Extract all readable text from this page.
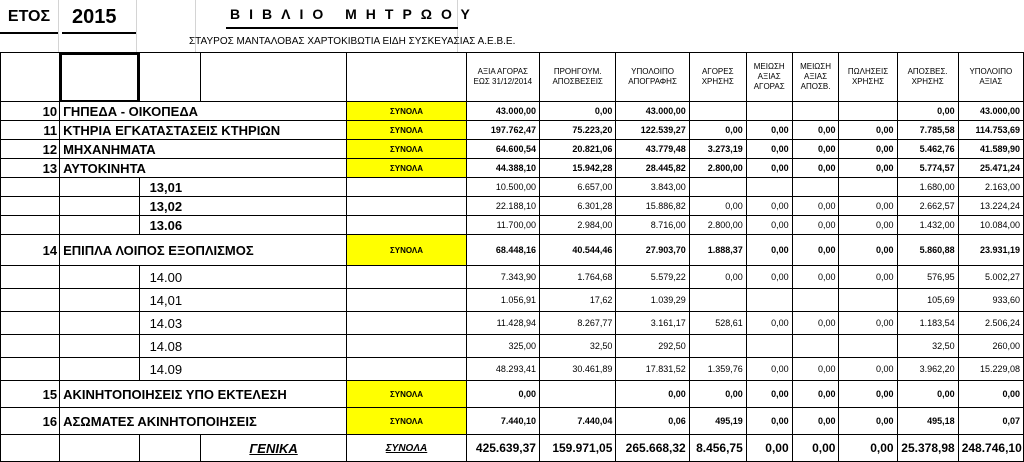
ΕΤΟΣ	2015	ΒΙΒΛΙΟ ΜΗΤΡΩΟΥ
ΣΤΑΥΡΟΣ ΜΑΝΤΑΛΟΒΑΣ ΧΑΡΤΟΚΙΒΩΤΙΑ ΕΙΔΗ ΣΥΣΚΕΥΑΣΙΑΣ Α.Ε.Β.Ε.
					ΑΞΙΑ ΑΓΟΡΑΣ ΕΩΣ 31/12/2014	ΠΡΟΗΓΟΥΜ. ΑΠΟΣΒΕΣΕΙΣ	ΥΠΟΛΟΙΠΟ ΑΠΟΓΡΑΦΗΣ	ΑΓΟΡΕΣ ΧΡΗΣΗΣ	ΜΕΙΩΣΗ ΑΞΙΑΣ ΑΓΟΡΑΣ	ΜΕΙΩΣΗ ΑΞΙΑΣ ΑΠΟΣΒ.	ΠΩΛΗΣΕΙΣ ΧΡΗΣΗΣ	ΑΠΟΣΒΕΣ. ΧΡΗΣΗΣ	ΥΠΟΛΟΙΠΟ ΑΞΙΑΣ
10	ΓΗΠΕΔΑ - ΟΙΚΟΠΕΔΑ			ΣΥΝΟΛΑ	43.000,00	0,00	43.000,00					0,00	43.000,00
11	ΚΤΗΡΙΑ ΕΓΚΑΤΑΣΤΑΣΕΙΣ ΚΤΗΡΙΩΝ			ΣΥΝΟΛΑ	197.762,47	75.223,20	122.539,27	0,00	0,00	0,00	0,00	7.785,58	114.753,69
12	ΜΗΧΑΝΗΜΑΤΑ			ΣΥΝΟΛΑ	64.600,54	20.821,06	43.779,48	3.273,19	0,00	0,00	0,00	5.462,76	41.589,90
13	ΑΥΤΟΚΙΝΗΤΑ			ΣΥΝΟΛΑ	44.388,10	15.942,28	28.445,82	2.800,00	0,00	0,00	0,00	5.774,57	25.471,24
		13,01			10.500,00	6.657,00	3.843,00					1.680,00	2.163,00
		13,02			22.188,10	6.301,28	15.886,82	0,00	0,00	0,00	0,00	2.662,57	13.224,24
		13.06			11.700,00	2.984,00	8.716,00	2.800,00	0,00	0,00	0,00	1.432,00	10.084,00
14	ΕΠΙΠΛΑ ΛΟΙΠΟΣ ΕΞΟΠΛΙΣΜΟΣ			ΣΥΝΟΛΑ	68.448,16	40.544,46	27.903,70	1.888,37	0,00	0,00	0,00	5.860,88	23.931,19
		14.00			7.343,90	1.764,68	5.579,22	0,00	0,00	0,00	0,00	576,95	5.002,27
		14,01			1.056,91	17,62	1.039,29					105,69	933,60
		14.03			11.428,94	8.267,77	3.161,17	528,61	0,00	0,00	0,00	1.183,54	2.506,24
		14.08			325,00	32,50	292,50					32,50	260,00
		14.09			48.293,41	30.461,89	17.831,52	1.359,76	0,00	0,00	0,00	3.962,20	15.229,08
15	ΑΚΙΝΗΤΟΠΟΙΗΣΕΙΣ ΥΠΟ ΕΚΤΕΛΕΣΗ			ΣΥΝΟΛΑ	0,00		0,00	0,00	0,00	0,00	0,00	0,00	0,00
16	ΑΣΩΜΑΤΕΣ ΑΚΙΝΗΤΟΠΟΙΗΣΕΙΣ			ΣΥΝΟΛΑ	7.440,10	7.440,04	0,06	495,19	0,00	0,00	0,00	495,18	0,07
			ΓΕΝΙΚΑ	ΣΥΝΟΛΑ	425.639,37	159.971,05	265.668,32	8.456,75	0,00	0,00	0,00	25.378,98	248.746,10
